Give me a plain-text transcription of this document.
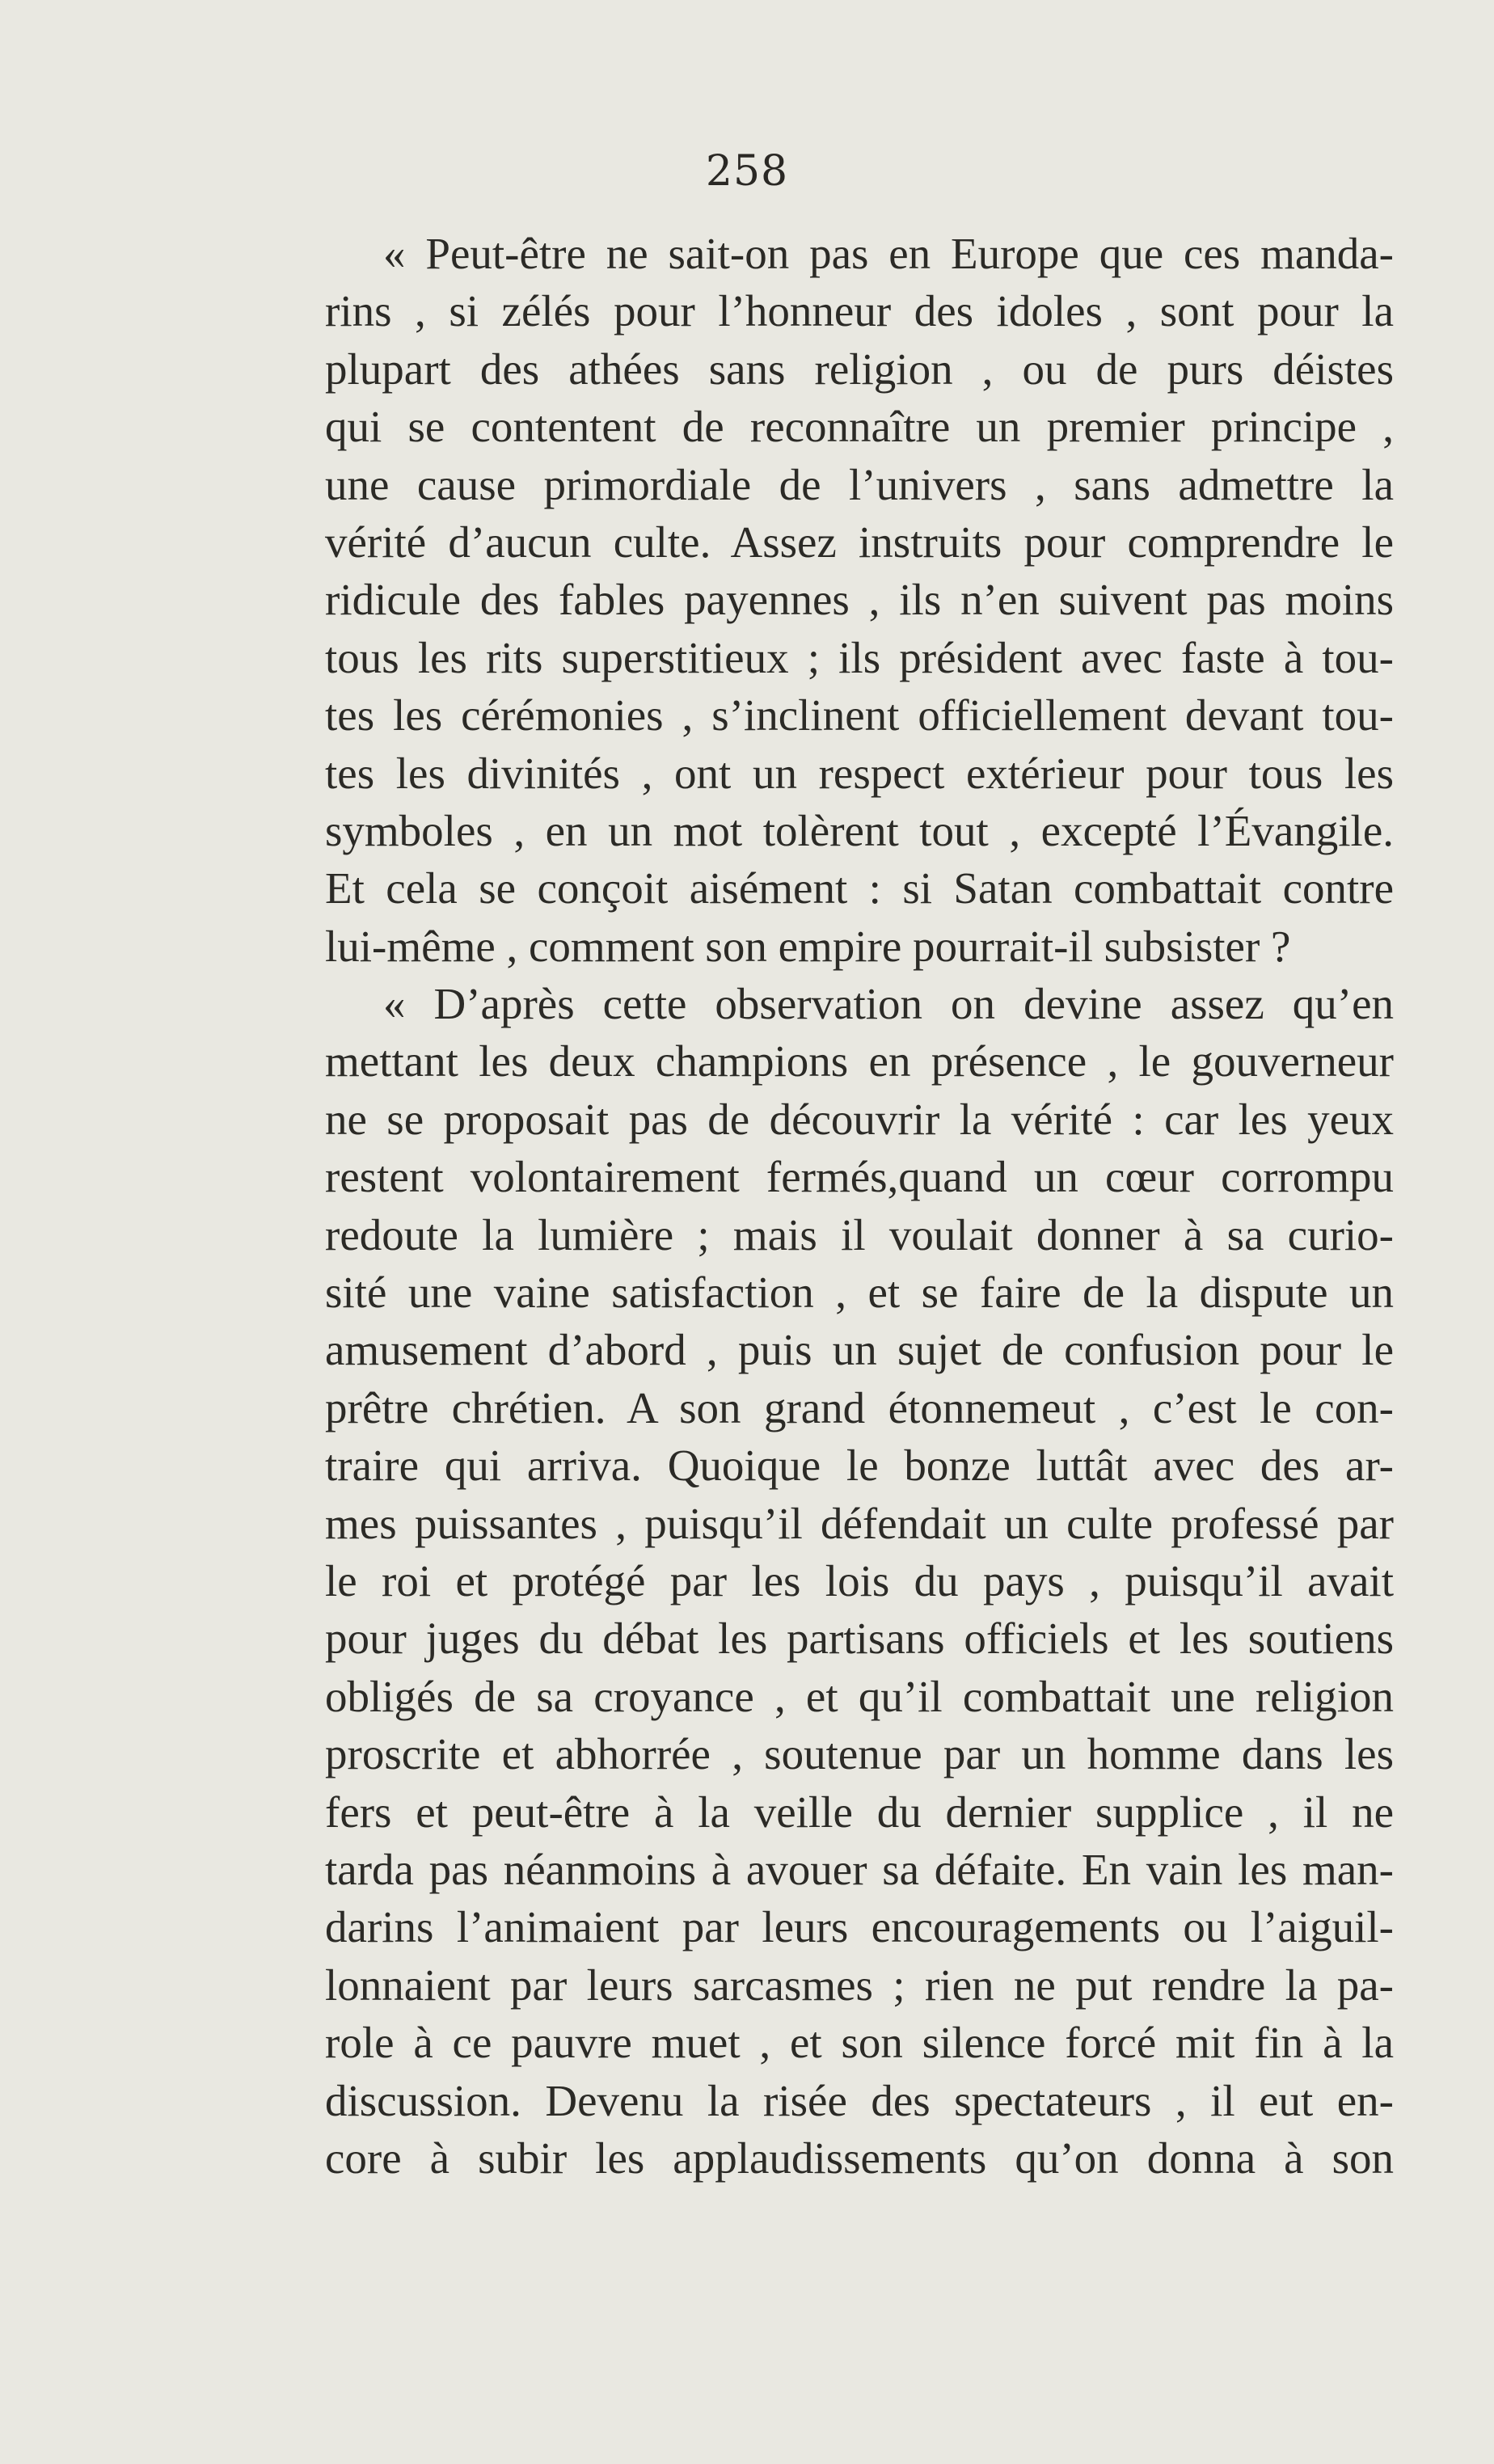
258
« Peut-être ne sait-on pas en Europe que ces manda-
rins , si zélés pour l’honneur des idoles , sont pour la
plupart des athées sans religion , ou de purs déistes
qui se contentent de reconnaître un premier principe ,
une cause primordiale de l’univers , sans admettre la
vérité d’aucun culte. Assez instruits pour comprendre le
ridicule des fables payennes , ils n’en suivent pas moins
tous les rits superstitieux ; ils président avec faste à tou-
tes les cérémonies , s’inclinent officiellement devant tou-
tes les divinités , ont un respect extérieur pour tous les
symboles , en un mot tolèrent tout , excepté l’Évangile.
Et cela se conçoit aisément : si Satan combattait contre
lui-même , comment son empire pourrait-il subsister ?
« D’après cette observation on devine assez qu’en
mettant les deux champions en présence , le gouverneur
ne se proposait pas de découvrir la vérité : car les yeux
restent volontairement fermés,quand un cœur corrompu
redoute la lumière ; mais il voulait donner à sa curio-
sité une vaine satisfaction , et se faire de la dispute un
amusement d’abord , puis un sujet de confusion pour le
prêtre chrétien. A son grand étonnemeut , c’est le con-
traire qui arriva. Quoique le bonze luttât avec des ar-
mes puissantes , puisqu’il défendait un culte professé par
le roi et protégé par les lois du pays , puisqu’il avait
pour juges du débat les partisans officiels et les soutiens
obligés de sa croyance , et qu’il combattait une religion
proscrite et abhorrée , soutenue par un homme dans les
fers et peut-être à la veille du dernier supplice , il ne
tarda pas néanmoins à avouer sa défaite. En vain les man-
darins l’animaient par leurs encouragements ou l’aiguil-
lonnaient par leurs sarcasmes ; rien ne put rendre la pa-
role à ce pauvre muet , et son silence forcé mit fin à la
discussion. Devenu la risée des spectateurs , il eut en-
core à subir les applaudissements qu’on donna à son
